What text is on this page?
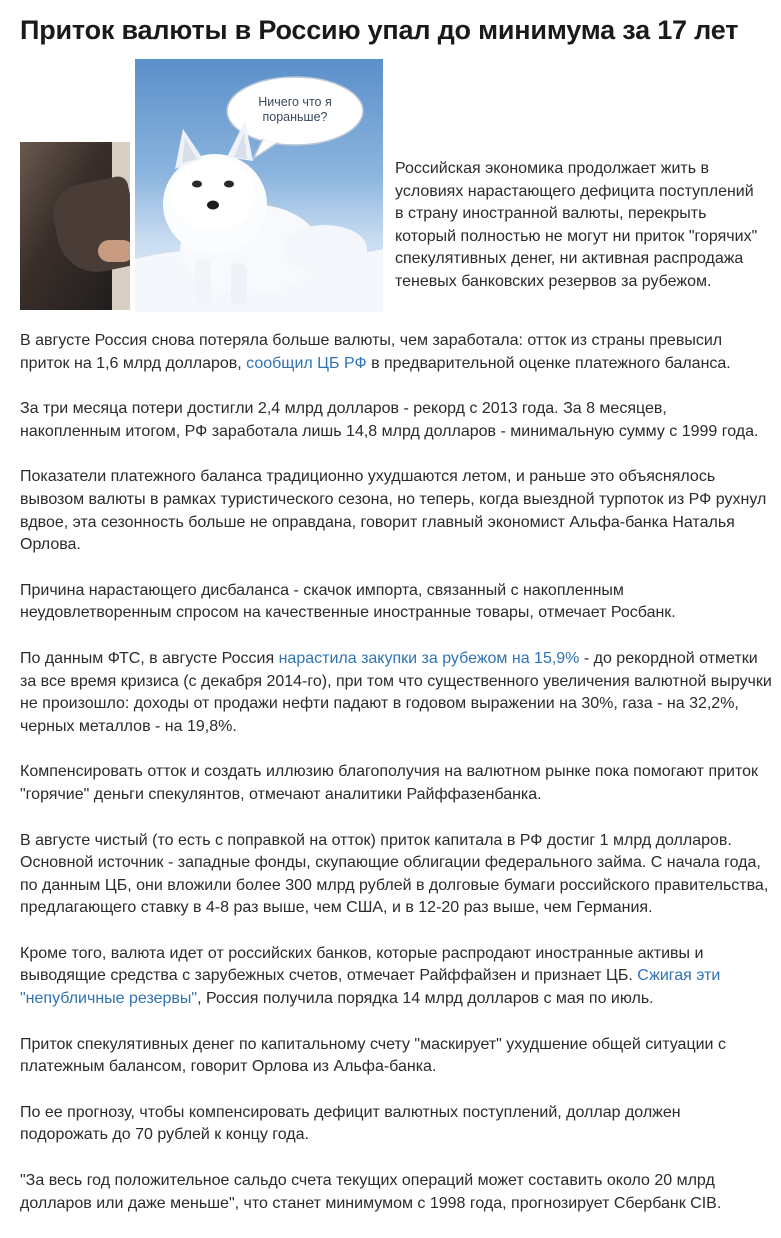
Приток валюты в Россию упал до минимума за 17 лет
Ничего что я пораньше?

Российская экономика продолжает жить в условиях нарастающего дефицита поступлений в страну иностранной валюты, перекрыть который полностью не могут ни приток "горячих" спекулятивных денег, ни активная распродажа теневых банковских резервов за рубежом.

В августе Россия снова потеряла больше валюты, чем заработала: отток из страны превысил приток на 1,6 млрд долларов, сообщил ЦБ РФ в предварительной оценке платежного баланса.

За три месяца потери достигли 2,4 млрд долларов - рекорд с 2013 года. За 8 месяцев, накопленным итогом, РФ заработала лишь 14,8 млрд долларов - минимальную сумму с 1999 года.

Показатели платежного баланса традиционно ухудшаются летом, и раньше это объяснялось вывозом валюты в рамках туристического сезона, но теперь, когда выездной турпоток из РФ рухнул вдвое, эта сезонность больше не оправдана, говорит главный экономист Альфа-банка Наталья Орлова.

Причина нарастающего дисбаланса - скачок импорта, связанный с накопленным неудовлетворенным спросом на качественные иностранные товары, отмечает Росбанк.

По данным ФТС, в августе Россия нарастила закупки за рубежом на 15,9% - до рекордной отметки за все время кризиса (с декабря 2014-го), при том что существенного увеличения валютной выручки не произошло: доходы от продажи нефти падают в годовом выражении на 30%, газа - на 32,2%, черных металлов - на 19,8%.

Компенсировать отток и создать иллюзию благополучия на валютном рынке пока помогают приток "горячие" деньги спекулянтов, отмечают аналитики Райффазенбанка.

В августе чистый (то есть с поправкой на отток) приток капитала в РФ достиг 1 млрд долларов. Основной источник - западные фонды, скупающие облигации федерального займа. С начала года, по данным ЦБ, они вложили более 300 млрд рублей в долговые бумаги российского правительства, предлагающего ставку в 4-8 раз выше, чем США, и в 12-20 раз выше, чем Германия.

Кроме того, валюта идет от российских банков, которые распродают иностранные активы и выводящие средства с зарубежных счетов, отмечает Райффайзен и признает ЦБ. Сжигая эти "непубличные резервы", Россия получила порядка 14 млрд долларов с мая по июль.

Приток спекулятивных денег по капитальному счету "маскирует" ухудшение общей ситуации с платежным балансом, говорит Орлова из Альфа-банка.

По ее прогнозу, чтобы компенсировать дефицит валютных поступлений, доллар должен подорожать до 70 рублей к концу года.

"За весь год положительное сальдо счета текущих операций может составить около 20 млрд долларов или даже меньше", что станет минимумом с 1998 года, прогнозирует Сбербанк CIB.
